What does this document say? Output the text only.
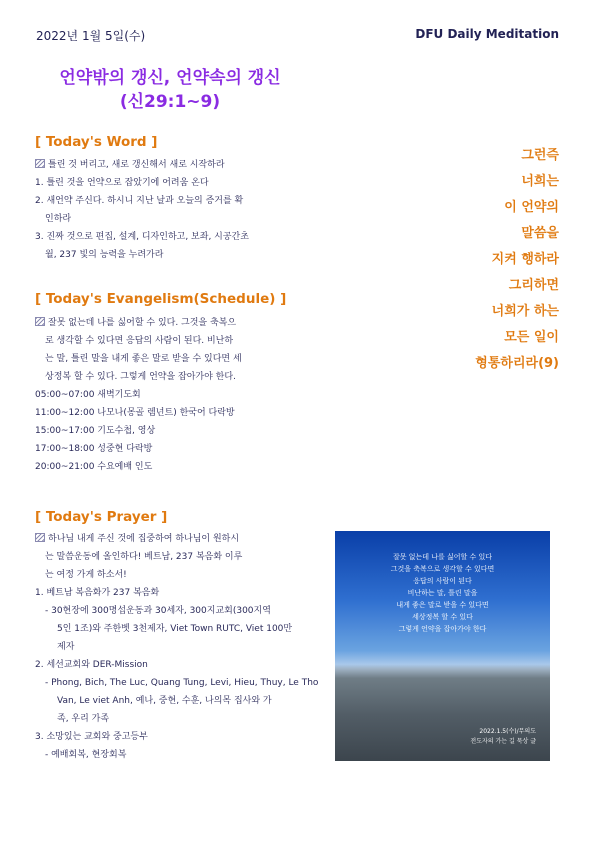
2022년 1월 5일(수)	DFU Daily Meditation
언약밖의 갱신, 언약속의 갱신
(신29:1~9)
[ Today's Word ]
틀린 것 버리고, 새로 갱신해서 새로 시작하라
1. 틀린 것을 언약으로 잡았기에 어려움 온다
2. 새언약 주신다. 하시니 지난 날과 오늘의 증거를 확
인하라
3. 진짜 것으로 편집, 설계, 디자인하고, 보좌, 시공간초
월, 237 빛의 능력을 누려가라
[ Today's Evangelism(Schedule) ]
잘못 없는데 나를 싫어할 수 있다. 그것을 축복으
로 생각할 수 있다면 응답의 사람이 된다. 비난하
는 말, 틀린 말을 내게 좋은 말로 받을 수 있다면 세
상정복 할 수 있다. 그렇게 언약을 잡아가야 한다.
05:00~07:00 새벽기도회
11:00~12:00 나모나(몽골 렘넌트) 한국어 다락방
15:00~17:00 기도수첩, 영상
17:00~18:00 성중현 다락방
20:00~21:00 수요예배 인도
[ Today's Prayer ]
하나님 내게 주신 것에 집중하여 하나님이 원하시
는 말씀운동에 올인하다! 베트남, 237 복음화 이루
는 여정 가게 하소서!
1. 베트남 복음화가 237 복음화
- 30현장에 300명섭운동과 30세자, 300지교회(300지역
5인 1조)와 주한벳 3천제자, Viet Town RUTC, Viet 100만
제자
2. 세선교회와 DER-Mission
- Phong, Bich, The Luc, Quang Tung, Levi, Hieu, Thuy, Le Tho
Van, Le viet Anh, 예나, 중현, 수훈, 나의목 집사와 가
족, 우리 가족
3. 소망있는 교회와 중고등부
- 예배회복, 현장회복
그런즉
너희는
이 언약의
말씀을
지켜 행하라
그리하면
너희가 하는
모든 일이
형통하리라(9)
잘못 없는데 나를 싫어할 수 있다
그것을 축복으로 생각할 수 있다면
응답의 사람이 된다
비난하는 말, 틀린 말을
내게 좋은 말로 받을 수 있다면
세상정복 할 수 있다
그렇게 언약을 잡아가야 한다
2022.1.5(수)/무의도
전도자의 가는 길 묵상 글
